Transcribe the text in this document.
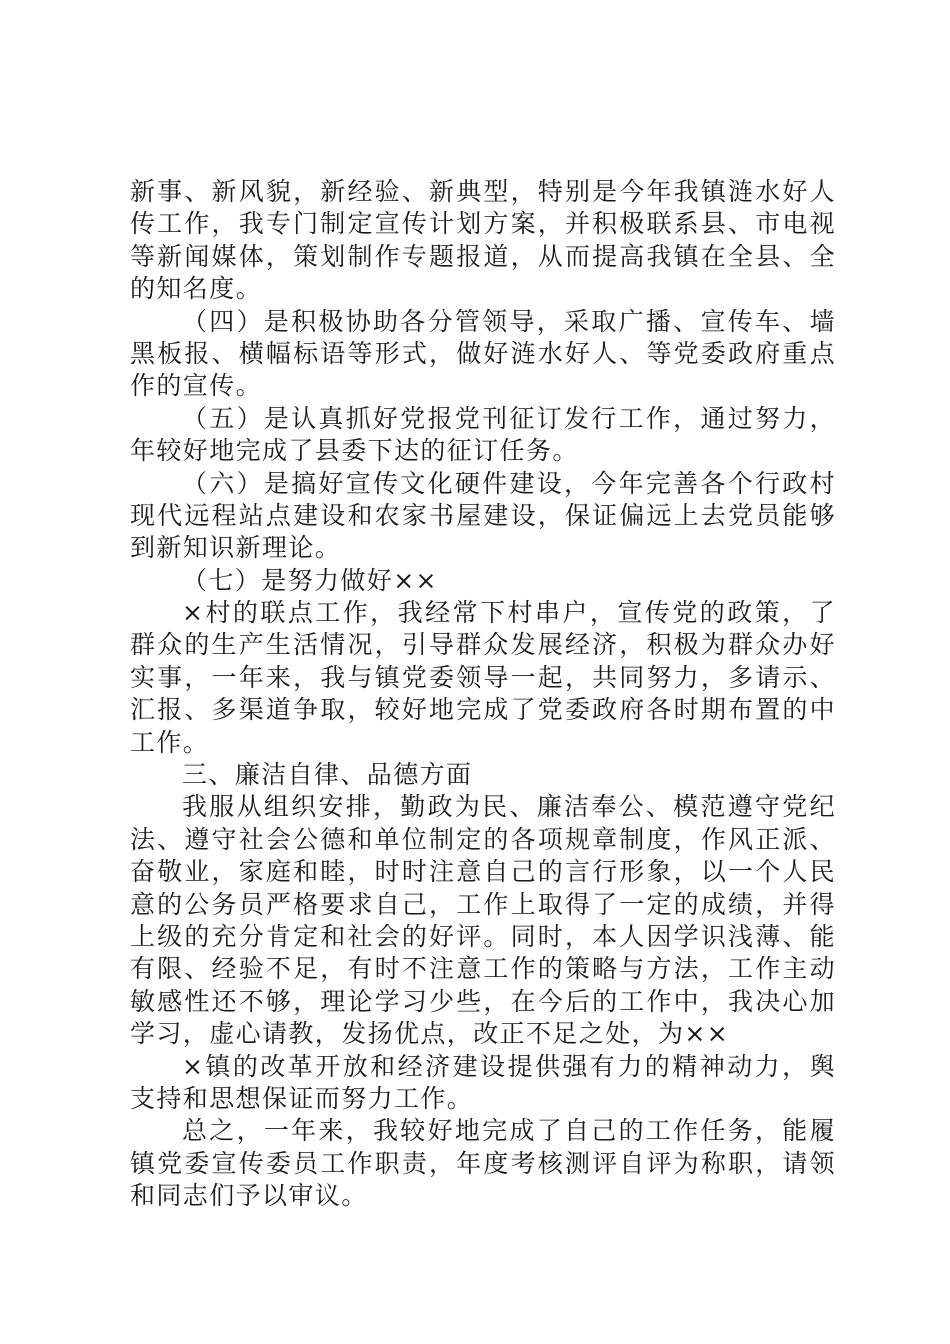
新事、新风貌，新经验、新典型，特别是今年我镇涟水好人
传工作，我专门制定宣传计划方案，并积极联系县、市电视
等新闻媒体，策划制作专题报道，从而提高我镇在全县、全
的知名度。
（四）是积极协助各分管领导，采取广播、宣传车、墙
黑板报、横幅标语等形式，做好涟水好人、等党委政府重点
作的宣传。
（五）是认真抓好党报党刊征订发行工作，通过努力，
年较好地完成了县委下达的征订任务。
（六）是搞好宣传文化硬件建设，今年完善各个行政村
现代远程站点建设和农家书屋建设，保证偏远上去党员能够
到新知识新理论。
（七）是努力做好××
×村的联点工作，我经常下村串户，宣传党的政策，了
群众的生产生活情况，引导群众发展经济，积极为群众办好
实事，一年来，我与镇党委领导一起，共同努力，多请示、
汇报、多渠道争取，较好地完成了党委政府各时期布置的中
工作。
三、廉洁自律、品德方面
我服从组织安排，勤政为民、廉洁奉公、模范遵守党纪
法、遵守社会公德和单位制定的各项规章制度，作风正派、
奋敬业，家庭和睦，时时注意自己的言行形象，以一个人民
意的公务员严格要求自己，工作上取得了一定的成绩，并得
上级的充分肯定和社会的好评。同时，本人因学识浅薄、能
有限、经验不足，有时不注意工作的策略与方法，工作主动
敏感性还不够，理论学习少些，在今后的工作中，我决心加
学习，虚心请教，发扬优点，改正不足之处，为××
×镇的改革开放和经济建设提供强有力的精神动力，舆
支持和思想保证而努力工作。
总之，一年来，我较好地完成了自己的工作任务，能履
镇党委宣传委员工作职责，年度考核测评自评为称职，请领
和同志们予以审议。
